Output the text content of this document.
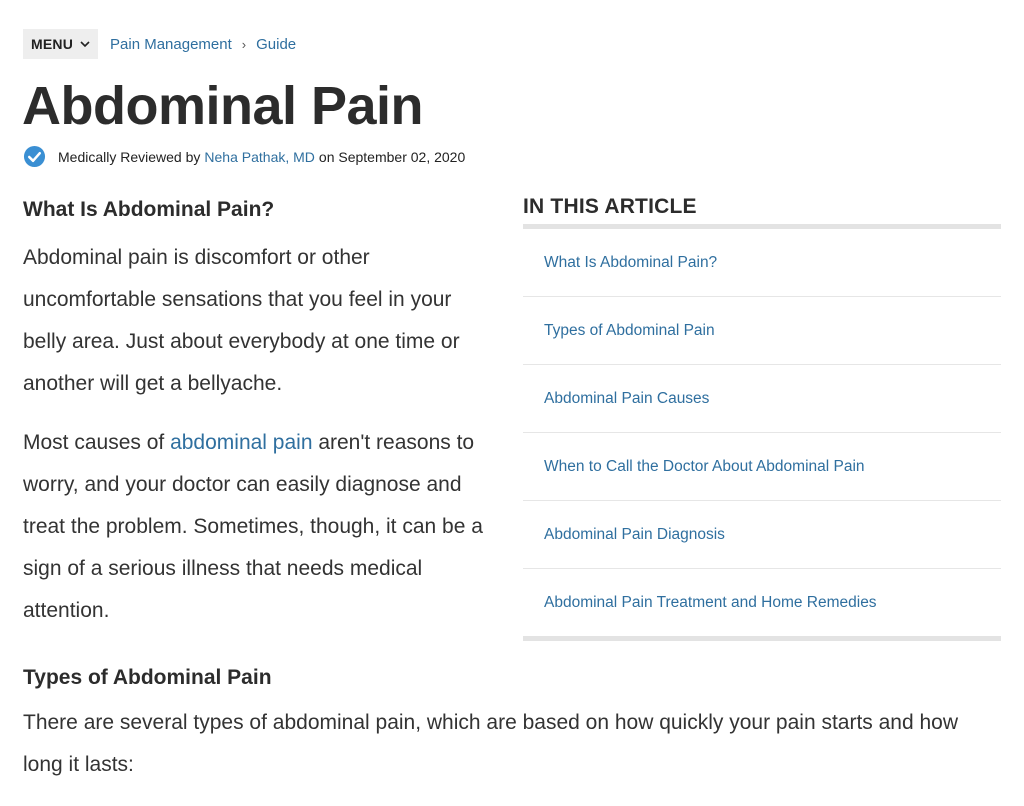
MENU Pain Management › Guide
Abdominal Pain
Medically Reviewed by Neha Pathak, MD on September 02, 2020
What Is Abdominal Pain?

Abdominal pain is discomfort or other uncomfortable sensations that you feel in your belly area. Just about everybody at one time or another will get a bellyache.

Most causes of abdominal pain aren't reasons to worry, and your doctor can easily diagnose and treat the problem. Sometimes, though, it can be a sign of a serious illness that needs medical attention.

IN THIS ARTICLE
What Is Abdominal Pain?
Types of Abdominal Pain
Abdominal Pain Causes
When to Call the Doctor About Abdominal Pain
Abdominal Pain Diagnosis
Abdominal Pain Treatment and Home Remedies
Types of Abdominal Pain

There are several types of abdominal pain, which are based on how quickly your pain starts and how long it lasts:
